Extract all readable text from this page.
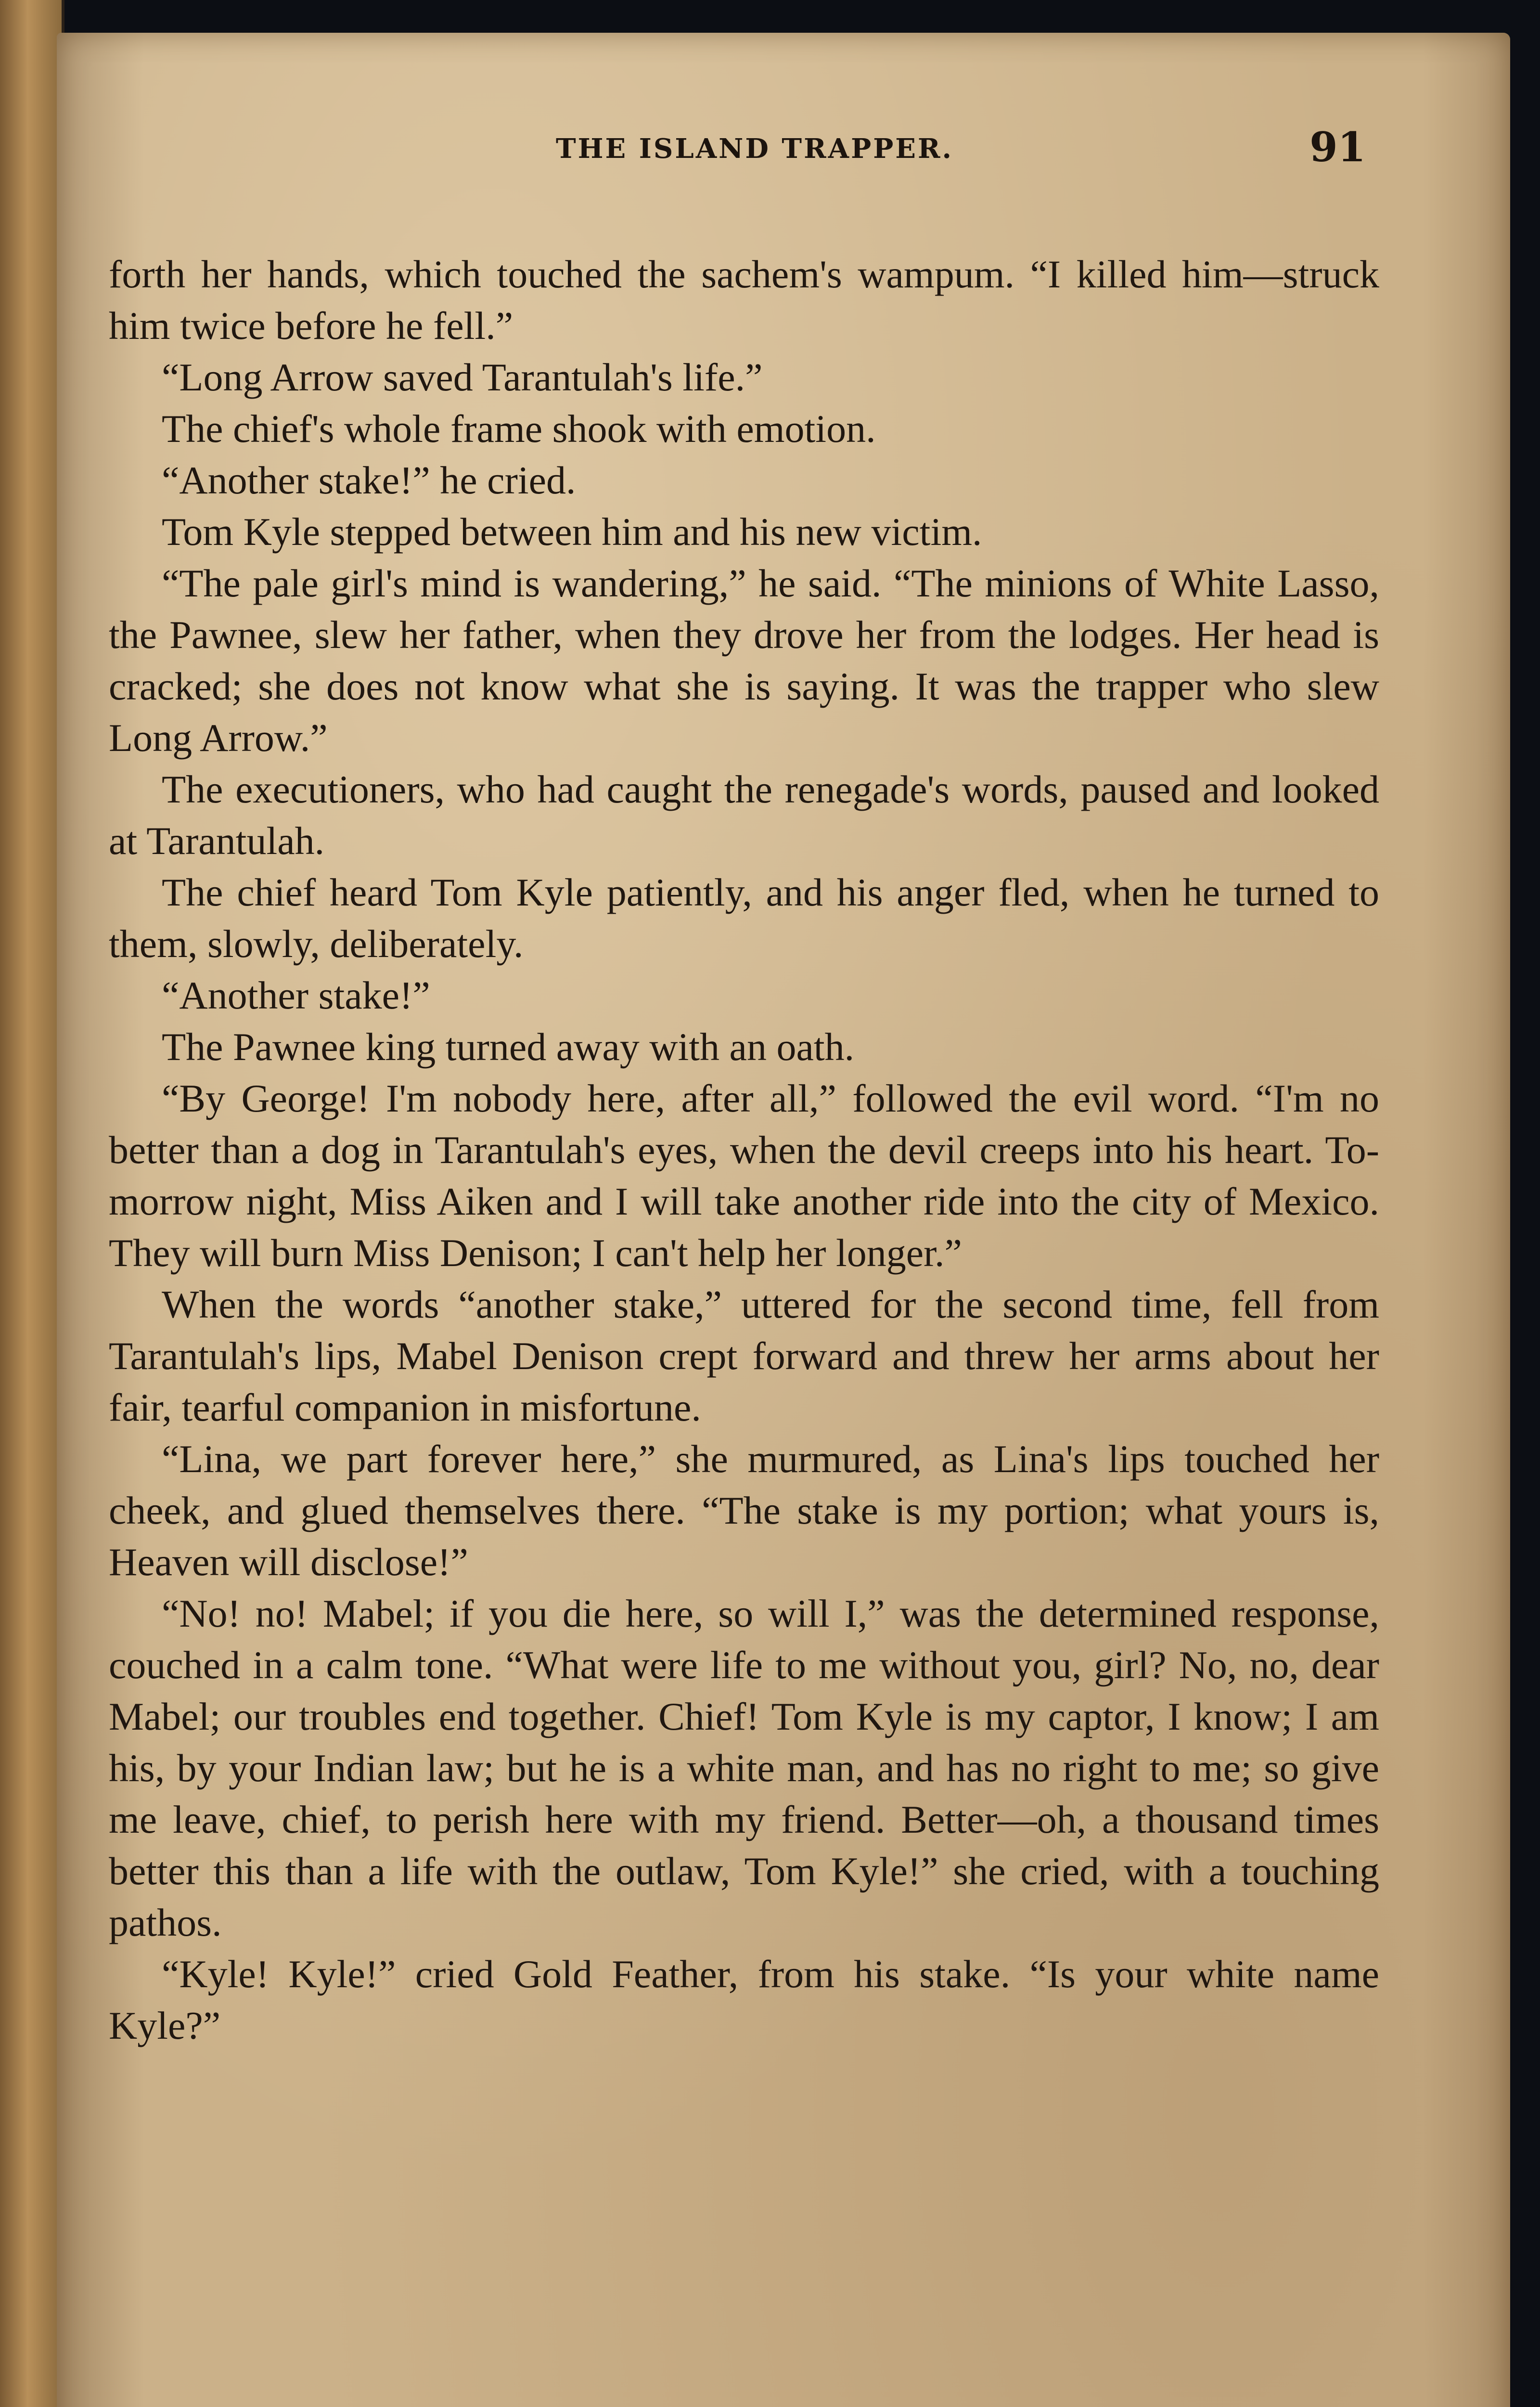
THE ISLAND TRAPPER.	91

forth her hands, which touched the sachem's wampum. “I killed him—struck him twice before he fell.”

“Long Arrow saved Tarantulah's life.”

The chief's whole frame shook with emotion.

“Another stake!” he cried.

Tom Kyle stepped between him and his new victim.

“The pale girl's mind is wandering,” he said. “The minions of White Lasso, the Pawnee, slew her father, when they drove her from the lodges. Her head is cracked; she does not know what she is saying. It was the trapper who slew Long Arrow.”

The executioners, who had caught the renegade's words, paused and looked at Tarantulah.

The chief heard Tom Kyle patiently, and his anger fled, when he turned to them, slowly, deliberately.

“Another stake!”

The Pawnee king turned away with an oath.

“By George! I'm nobody here, after all,” followed the evil word. “I'm no better than a dog in Tarantulah's eyes, when the devil creeps into his heart. To-morrow night, Miss Aiken and I will take another ride into the city of Mexico. They will burn Miss Denison; I can't help her longer.”

When the words “another stake,” uttered for the second time, fell from Tarantulah's lips, Mabel Denison crept forward and threw her arms about her fair, tearful companion in misfortune.

“Lina, we part forever here,” she murmured, as Lina's lips touched her cheek, and glued themselves there. “The stake is my portion; what yours is, Heaven will disclose!”

“No! no! Mabel; if you die here, so will I,” was the determined response, couched in a calm tone. “What were life to me without you, girl? No, no, dear Mabel; our troubles end together. Chief! Tom Kyle is my captor, I know; I am his, by your Indian law; but he is a white man, and has no right to me; so give me leave, chief, to perish here with my friend. Better—oh, a thousand times better this than a life with the outlaw, Tom Kyle!” she cried, with a touching pathos.

“Kyle! Kyle!” cried Gold Feather, from his stake. “Is your white name Kyle?”
